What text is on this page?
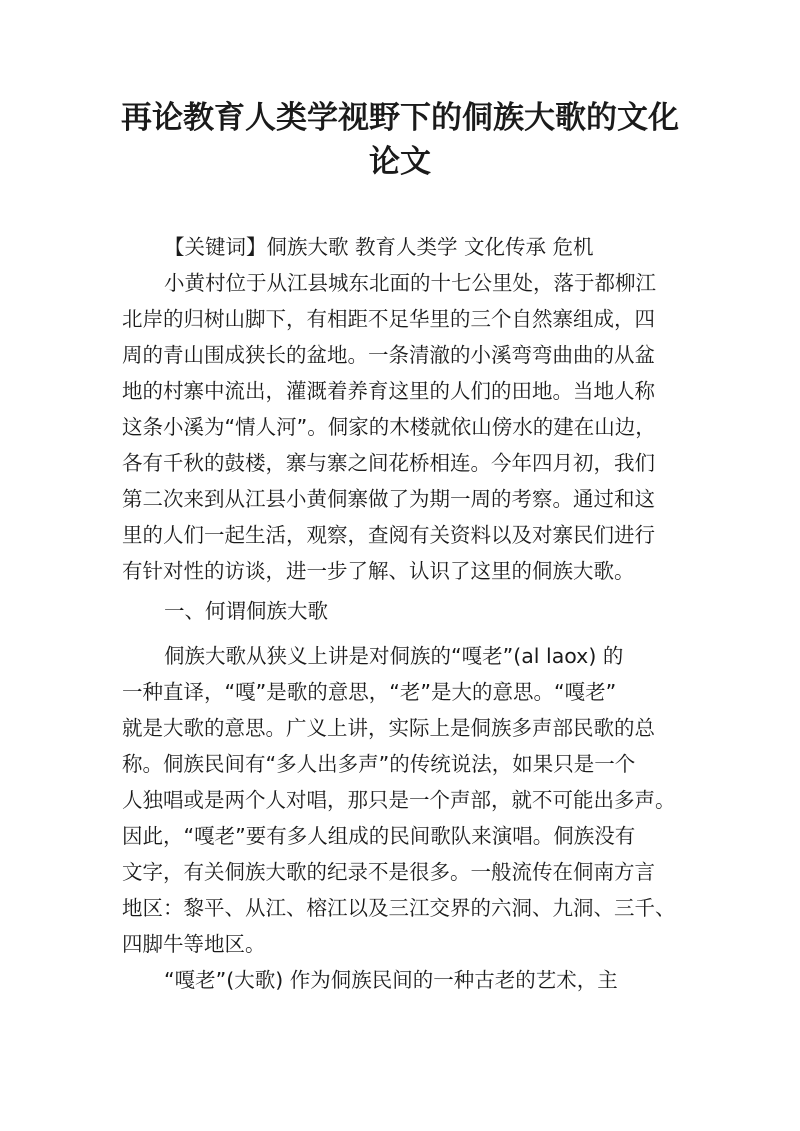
再论教育人类学视野下的侗族大歌的文化
论文

【关键词】侗族大歌 教育人类学 文化传承 危机

小黄村位于从江县城东北面的十七公里处，落于都柳江

北岸的归树山脚下，有相距不足华里的三个自然寨组成，四

周的青山围成狭长的盆地。一条清澈的小溪弯弯曲曲的从盆

地的村寨中流出，灌溉着养育这里的人们的田地。当地人称

这条小溪为“情人河”。侗家的木楼就依山傍水的建在山边，

各有千秋的鼓楼，寨与寨之间花桥相连。今年四月初，我们

第二次来到从江县小黄侗寨做了为期一周的考察。通过和这

里的人们一起生活，观察，查阅有关资料以及对寨民们进行

有针对性的访谈，进一步了解、认识了这里的侗族大歌。

一、何谓侗族大歌

侗族大歌从狭义上讲是对侗族的“嘎老”(al laox) 的

一种直译，“嘎”是歌的意思，“老”是大的意思。“嘎老”

就是大歌的意思。广义上讲，实际上是侗族多声部民歌的总

称。侗族民间有“多人出多声”的传统说法，如果只是一个

人独唱或是两个人对唱，那只是一个声部，就不可能出多声。

因此，“嘎老”要有多人组成的民间歌队来演唱。侗族没有

文字，有关侗族大歌的纪录不是很多。一般流传在侗南方言

地区：黎平、从江、榕江以及三江交界的六洞、九洞、三千、

四脚牛等地区。

“嘎老”(大歌) 作为侗族民间的一种古老的艺术，主
